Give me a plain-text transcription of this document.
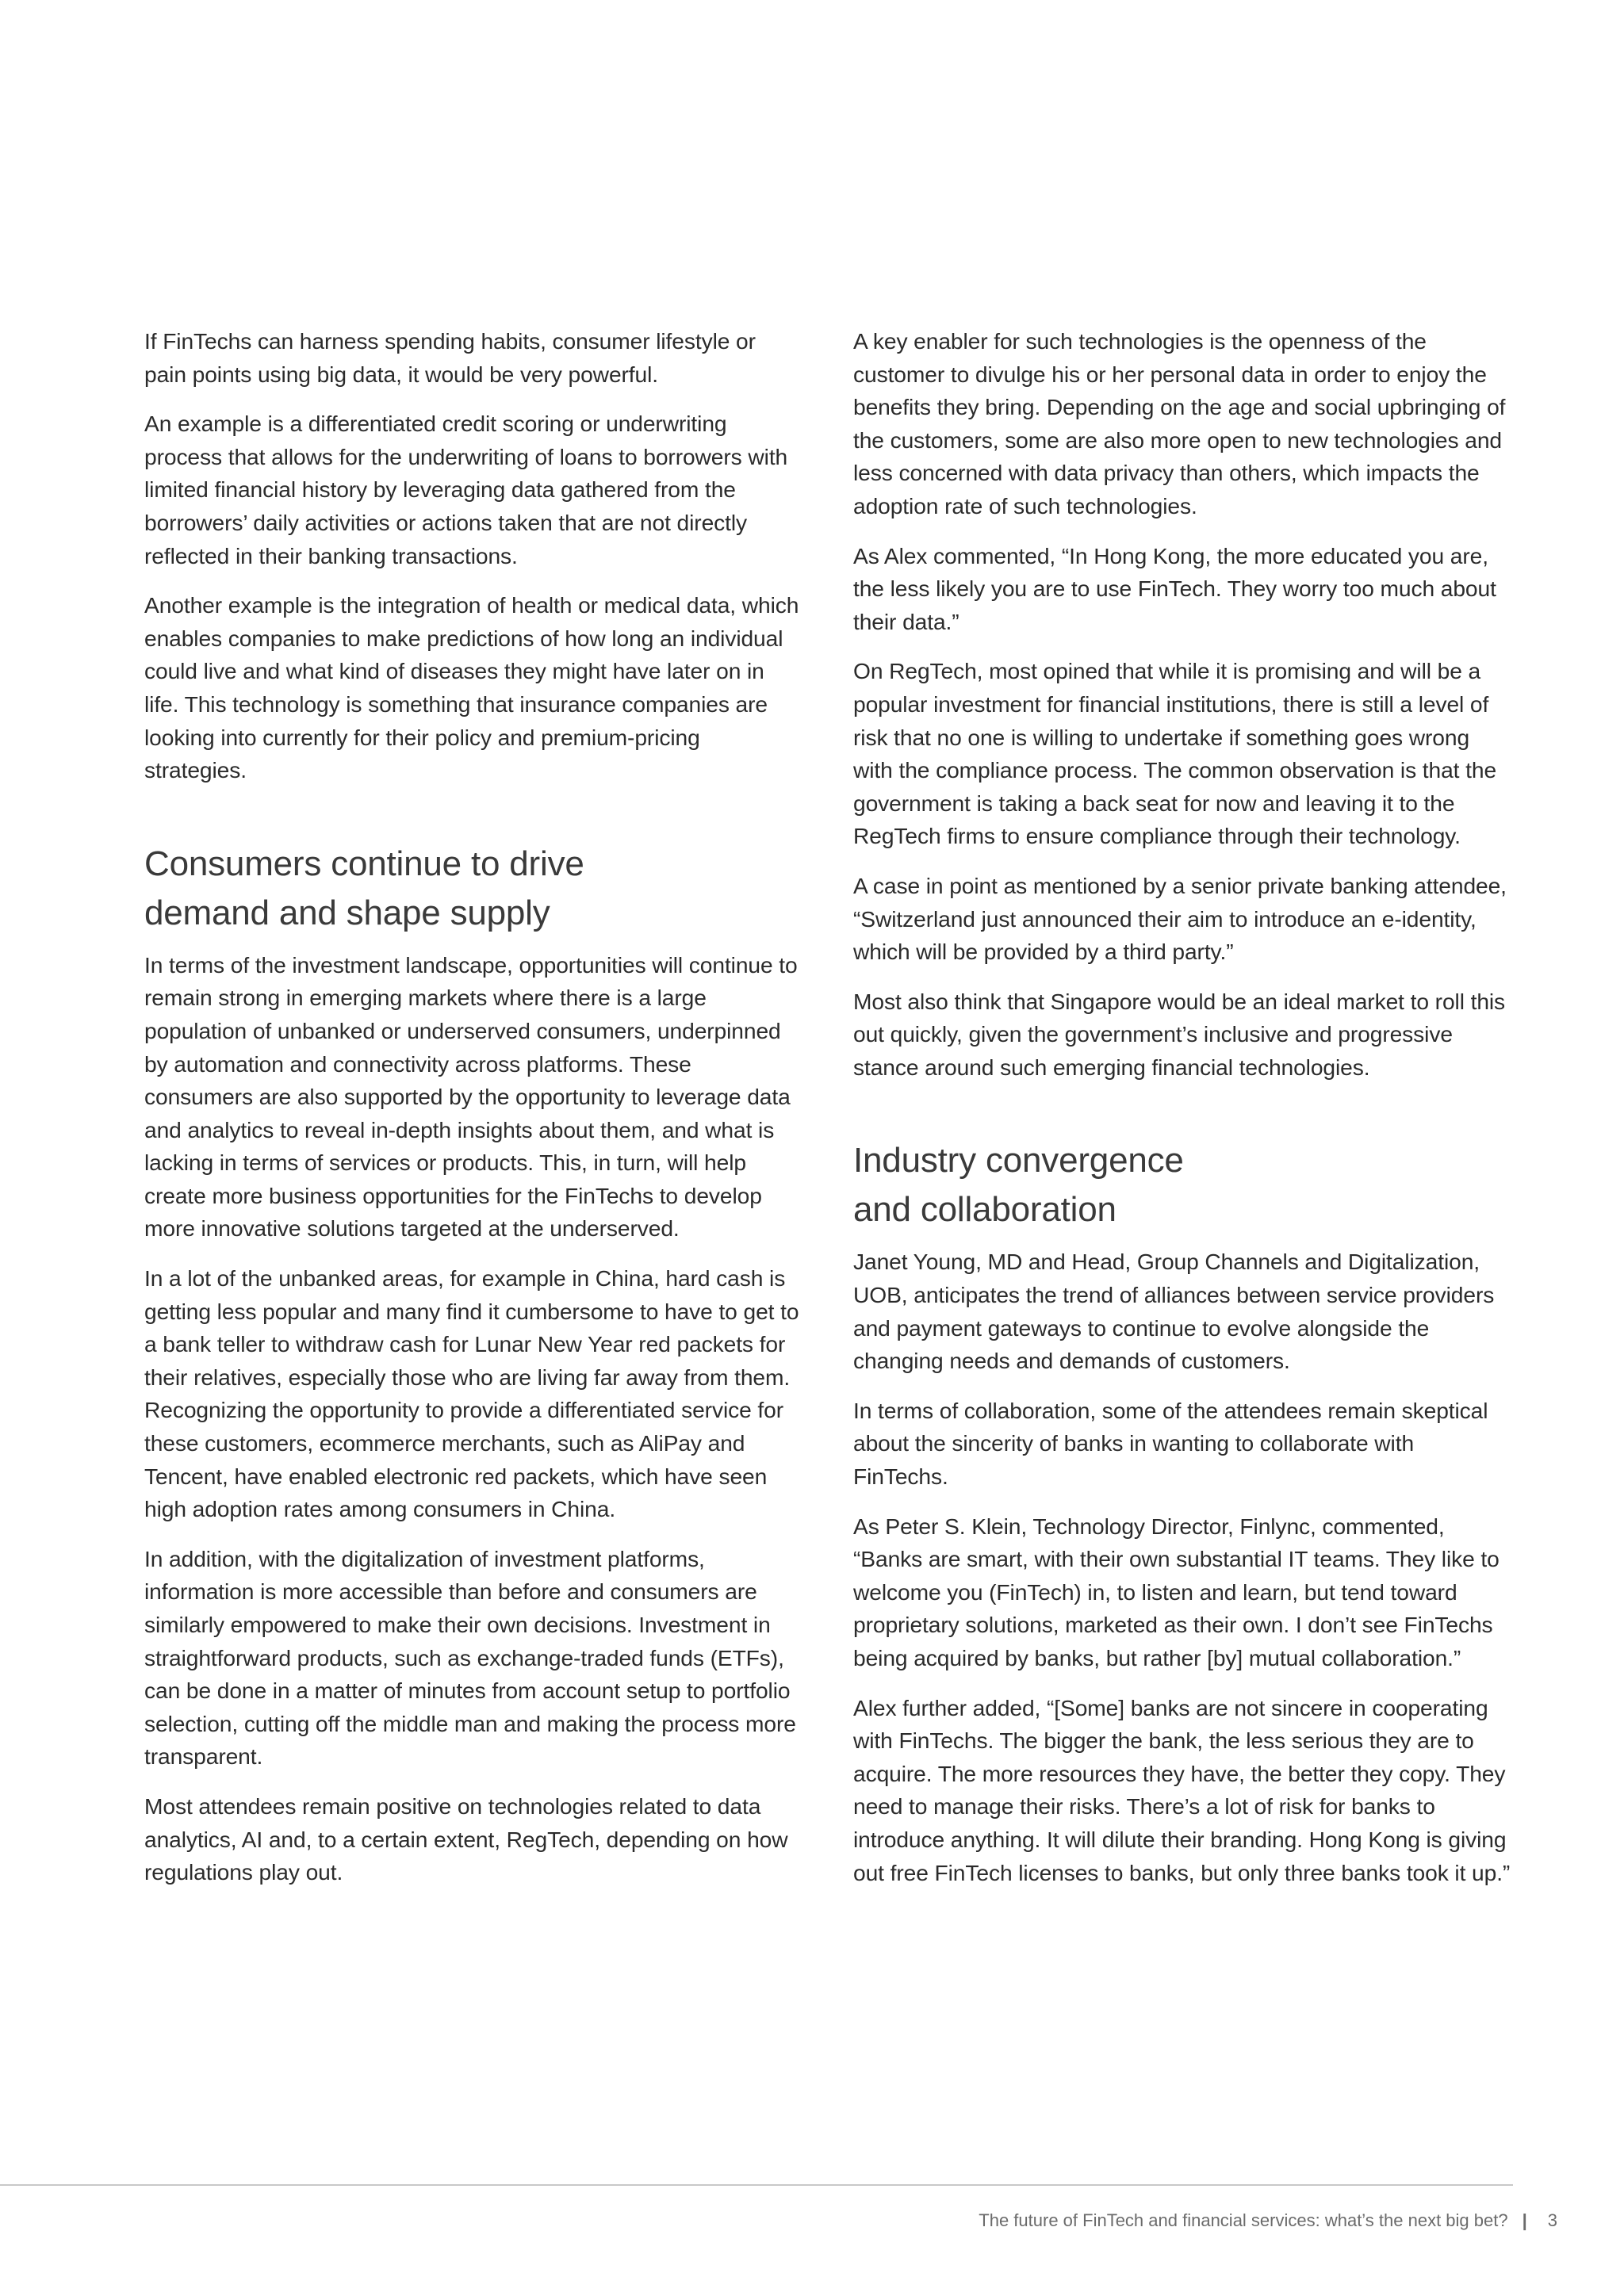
If FinTechs can harness spending habits, consumer lifestyle or pain points using big data, it would be very powerful.

An example is a differentiated credit scoring or underwriting process that allows for the underwriting of loans to borrowers with limited financial history by leveraging data gathered from the borrowers’ daily activities or actions taken that are not directly reflected in their banking transactions.

Another example is the integration of health or medical data, which enables companies to make predictions of how long an individual could live and what kind of diseases they might have later on in life. This technology is something that insurance companies are looking into currently for their policy and premium-pricing strategies.

Consumers continue to drive
demand and shape supply

In terms of the investment landscape, opportunities will continue to remain strong in emerging markets where there is a large population of unbanked or underserved consumers, underpinned by automation and connectivity across platforms. These consumers are also supported by the opportunity to leverage data and analytics to reveal in-depth insights about them, and what is lacking in terms of services or products. This, in turn, will help create more business opportunities for the FinTechs to develop more innovative solutions targeted at the underserved.

In a lot of the unbanked areas, for example in China, hard cash is getting less popular and many find it cumbersome to have to get to a bank teller to withdraw cash for Lunar New Year red packets for their relatives, especially those who are living far away from them. Recognizing the opportunity to provide a differentiated service for these customers, ecommerce merchants, such as AliPay and Tencent, have enabled electronic red packets, which have seen high adoption rates among consumers in China.

In addition, with the digitalization of investment platforms, information is more accessible than before and consumers are similarly empowered to make their own decisions. Investment in straightforward products, such as exchange-traded funds (ETFs), can be done in a matter of minutes from account setup to portfolio selection, cutting off the middle man and making the process more transparent.

Most attendees remain positive on technologies related to data analytics, AI and, to a certain extent, RegTech, depending on how regulations play out.

A key enabler for such technologies is the openness of the customer to divulge his or her personal data in order to enjoy the benefits they bring. Depending on the age and social upbringing of the customers, some are also more open to new technologies and less concerned with data privacy than others, which impacts the adoption rate of such technologies.

As Alex commented, “In Hong Kong, the more educated you are, the less likely you are to use FinTech. They worry too much about their data.”

On RegTech, most opined that while it is promising and will be a popular investment for financial institutions, there is still a level of risk that no one is willing to undertake if something goes wrong with the compliance process. The common observation is that the government is taking a back seat for now and leaving it to the RegTech firms to ensure compliance through their technology.

A case in point as mentioned by a senior private banking attendee, “Switzerland just announced their aim to introduce an e-identity, which will be provided by a third party.”

Most also think that Singapore would be an ideal market to roll this out quickly, given the government’s inclusive and progressive stance around such emerging financial technologies.

Industry convergence
and collaboration

Janet Young, MD and Head, Group Channels and Digitalization, UOB, anticipates the trend of alliances between service providers and payment gateways to continue to evolve alongside the changing needs and demands of customers.

In terms of collaboration, some of the attendees remain skeptical about the sincerity of banks in wanting to collaborate with FinTechs.

As Peter S. Klein, Technology Director, Finlync, commented, “Banks are smart, with their own substantial IT teams. They like to welcome you (FinTech) in, to listen and learn, but tend toward proprietary solutions, marketed as their own. I don’t see FinTechs being acquired by banks, but rather [by] mutual collaboration.”

Alex further added, “[Some] banks are not sincere in cooperating with FinTechs. The bigger the bank, the less serious they are to acquire. The more resources they have, the better they copy. They need to manage their risks. There’s a lot of risk for banks to introduce anything. It will dilute their branding. Hong Kong is giving out free FinTech licenses to banks, but only three banks took it up.”

The future of FinTech and financial services: what’s the next big bet? | 3
